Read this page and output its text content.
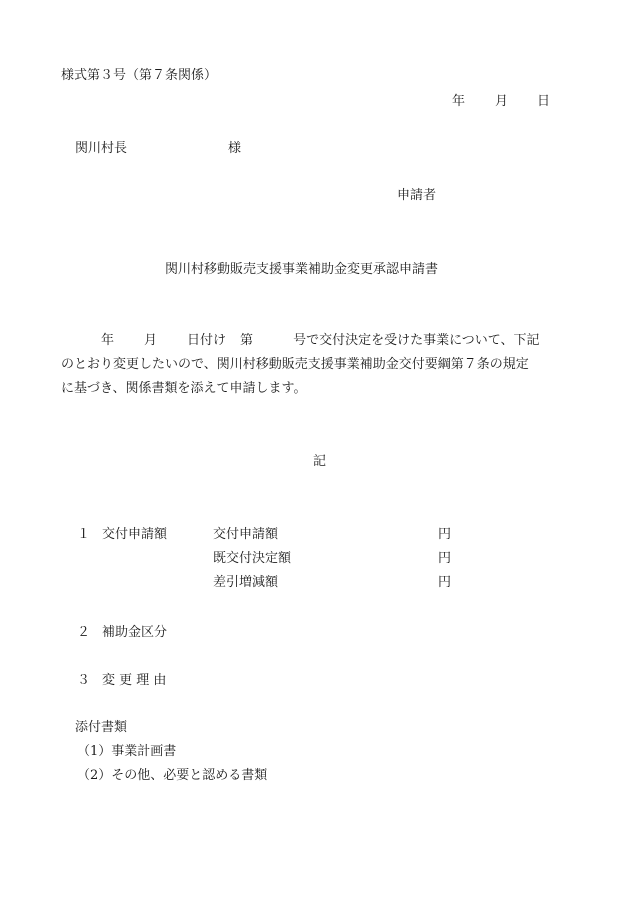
様式第３号（第７条関係）
年 月 日
関川村長	様
申請者
関川村移動販売支援事業補助金変更承認申請書
年 月 日付け 第	号で交付決定を受けた事業について、下記
のとおり変更したいので、関川村移動販売支援事業補助金交付要綱第７条の規定
に基づき、関係書類を添えて申請します。
記
１ 交付申請額	交付申請額	円
既交付決定額	円
差引増減額	円
２ 補助金区分
３ 変 更 理 由
添付書類
（1）事業計画書
（2）その他、必要と認める書類
